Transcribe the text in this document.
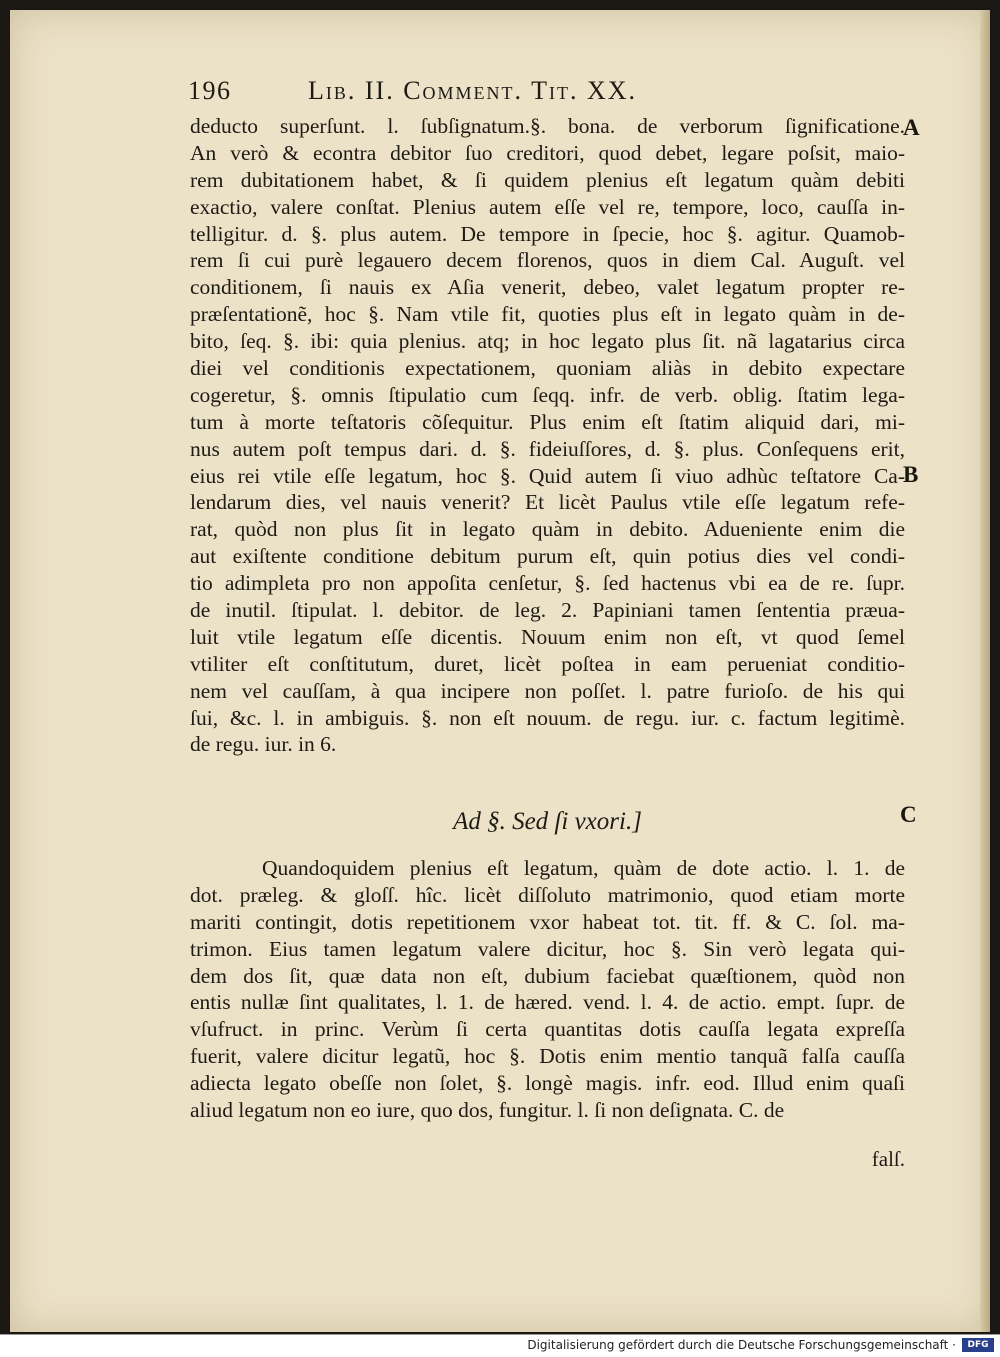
196	Lib. II. Comment. Tit. XX.
deducto superſunt. l. ſubſignatum.§. bona. de verborum ſignificatione.
An verò & econtra debitor ſuo creditori, quod debet, legare poſsit, maio-
rem dubitationem habet, & ſi quidem plenius eſt legatum quàm debiti
exactio, valere conſtat. Plenius autem eſſe vel re, tempore, loco, cauſſa in-
telligitur. d. §. plus autem. De tempore in ſpecie, hoc §. agitur. Quamob-
rem ſi cui purè legauero decem florenos, quos in diem Cal. Auguſt. vel
conditionem, ſi nauis ex Aſia venerit, debeo, valet legatum propter re-
præſentationẽ, hoc §. Nam vtile fit, quoties plus eſt in legato quàm in de-
bito, ſeq. §. ibi: quia plenius. atq; in hoc legato plus ſit. nã lagatarius circa
diei vel conditionis expectationem, quoniam aliàs in debito expectare
cogeretur, §. omnis ſtipulatio cum ſeqq. infr. de verb. oblig. ſtatim lega-
tum à morte teſtatoris cõſequitur. Plus enim eſt ſtatim aliquid dari, mi-
nus autem poſt tempus dari. d. §. fideiuſſores, d. §. plus. Conſequens erit,
eius rei vtile eſſe legatum, hoc §. Quid autem ſi viuo adhùc teſtatore Ca-
lendarum dies, vel nauis venerit? Et licèt Paulus vtile eſſe legatum refe-
rat, quòd non plus ſit in legato quàm in debito. Adueniente enim die
aut exiſtente conditione debitum purum eſt, quin potius dies vel condi-
tio adimpleta pro non appoſita cenſetur, §. ſed hactenus vbi ea de re. ſupr.
de inutil. ſtipulat. l. debitor. de leg. 2. Papiniani tamen ſententia præua-
luit vtile legatum eſſe dicentis. Nouum enim non eſt, vt quod ſemel
vtiliter eſt conſtitutum, duret, licèt poſtea in eam perueniat conditio-
nem vel cauſſam, à qua incipere non poſſet. l. patre furioſo. de his qui
ſui, &c. l. in ambiguis. §. non eſt nouum. de regu. iur. c. factum legitimè.
de regu. iur. in 6.
A
B
C
Ad §. Sed ſi vxori.]
Quandoquidem plenius eſt legatum, quàm de dote actio. l. 1. de
dot. præleg. & gloſſ. hîc. licèt diſſoluto matrimonio, quod etiam morte
mariti contingit, dotis repetitionem vxor habeat tot. tit. ff. & C. ſol. ma-
trimon. Eius tamen legatum valere dicitur, hoc §. Sin verò legata qui-
dem dos ſit, quæ data non eſt, dubium faciebat quæſtionem, quòd non
entis nullæ ſint qualitates, l. 1. de hæred. vend. l. 4. de actio. empt. ſupr. de
vſufruct. in princ. Verùm ſi certa quantitas dotis cauſſa legata expreſſa
fuerit, valere dicitur legatũ, hoc §. Dotis enim mentio tanquã falſa cauſſa
adiecta legato obeſſe non ſolet, §. longè magis. infr. eod. Illud enim quaſi
aliud legatum non eo iure, quo dos, fungitur. l. ſi non deſignata. C. de
falſ.
Digitalisierung gefördert durch die Deutsche Forschungsgemeinschaft ·	DFG
